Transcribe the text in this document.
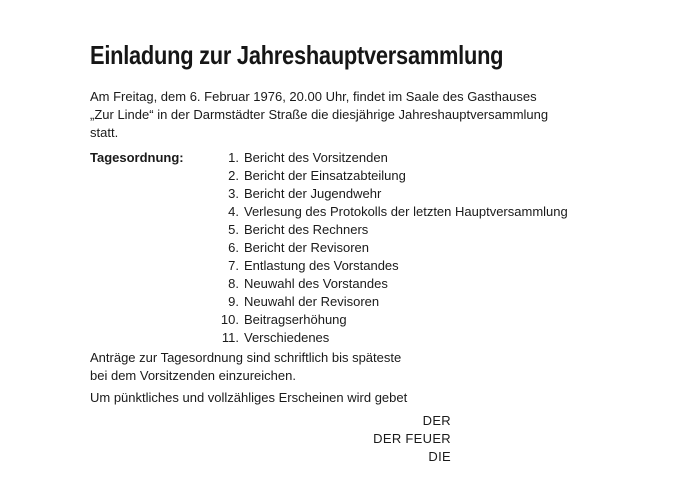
Einladung zur Jahreshauptversammlung
Am Freitag, dem 6. Februar 1976, 20.00 Uhr, findet im Saale des Gasthauses
„Zur Linde“ in der Darmstädter Straße die diesjährige Jahreshauptversammlung
statt.
Tagesordnung:	1. Bericht des Vorsitzenden
2. Bericht der Einsatzabteilung
3. Bericht der Jugendwehr
4. Verlesung des Protokolls der letzten Hauptversammlung
5. Bericht des Rechners
6. Bericht der Revisoren
7. Entlastung des Vorstandes
8. Neuwahl des Vorstandes
9. Neuwahl der Revisoren
10. Beitragserhöhung
11. Verschiedenes
Anträge zur Tagesordnung sind schriftlich bis späteste
bei dem Vorsitzenden einzureichen.
Um pünktliches und vollzähliges Erscheinen wird gebet
DER
DER FEUER
DIE
